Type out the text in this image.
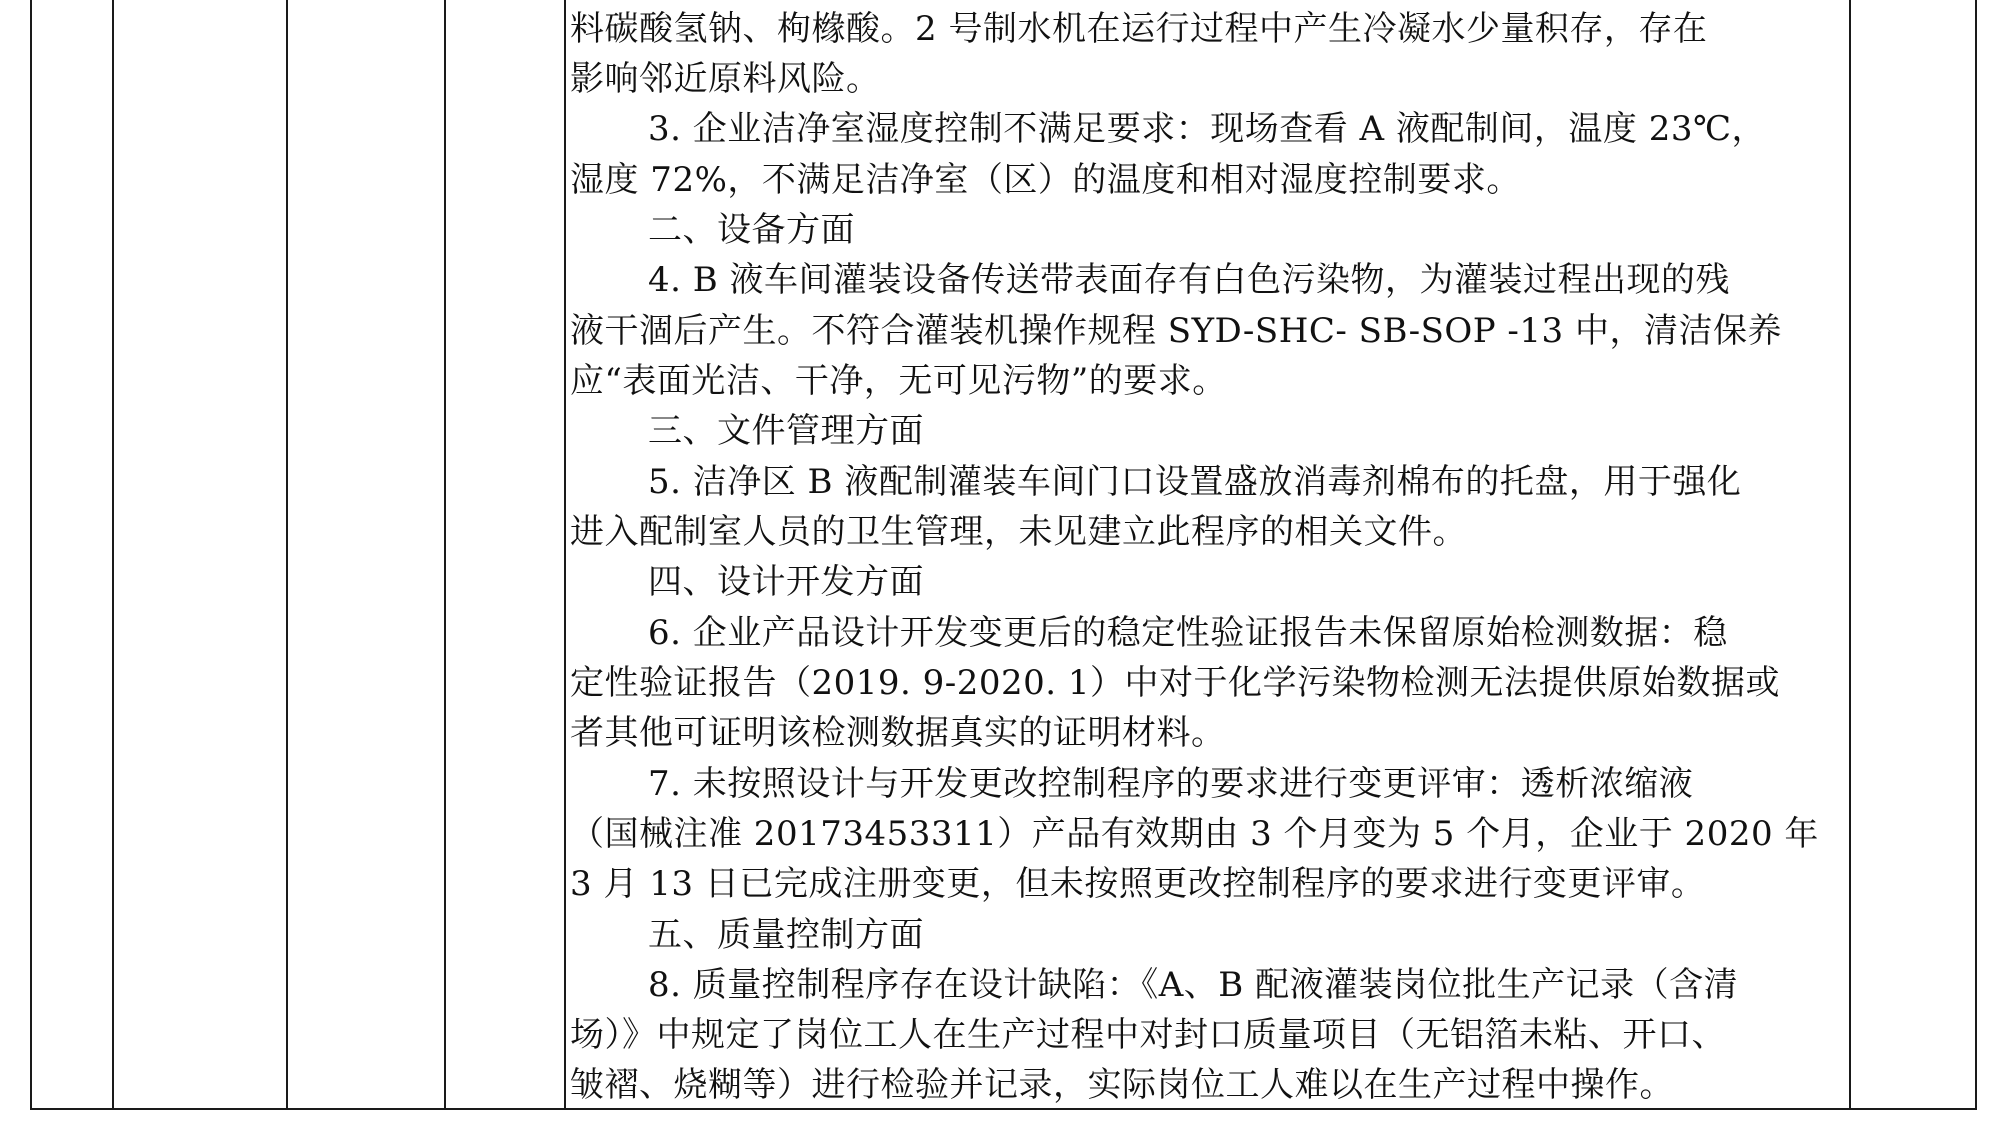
料碳酸氢钠、枸橼酸。2 号制水机在运行过程中产生冷凝水少量积存，存在
影响邻近原料风险。
3. 企业洁净室湿度控制不满足要求：现场查看 A 液配制间，温度 23℃，
湿度 72%，不满足洁净室（区）的温度和相对湿度控制要求。
二、设备方面
4. B 液车间灌装设备传送带表面存有白色污染物，为灌装过程出现的残
液干涸后产生。不符合灌装机操作规程 SYD-SHC- SB-SOP -13 中，清洁保养
应“表面光洁、干净，无可见污物”的要求。
三、文件管理方面
5. 洁净区 B 液配制灌装车间门口设置盛放消毒剂棉布的托盘，用于强化
进入配制室人员的卫生管理，未见建立此程序的相关文件。
四、设计开发方面
6. 企业产品设计开发变更后的稳定性验证报告未保留原始检测数据：稳
定性验证报告（2019. 9-2020. 1）中对于化学污染物检测无法提供原始数据或
者其他可证明该检测数据真实的证明材料。
7. 未按照设计与开发更改控制程序的要求进行变更评审：透析浓缩液
（国械注准 20173453311）产品有效期由 3 个月变为 5 个月，企业于 2020 年
3 月 13 日已完成注册变更，但未按照更改控制程序的要求进行变更评审。
五、质量控制方面
8. 质量控制程序存在设计缺陷：《A、B 配液灌装岗位批生产记录（含清
场）》中规定了岗位工人在生产过程中对封口质量项目（无铝箔未粘、开口、
皱褶、烧糊等）进行检验并记录，实际岗位工人难以在生产过程中操作。
